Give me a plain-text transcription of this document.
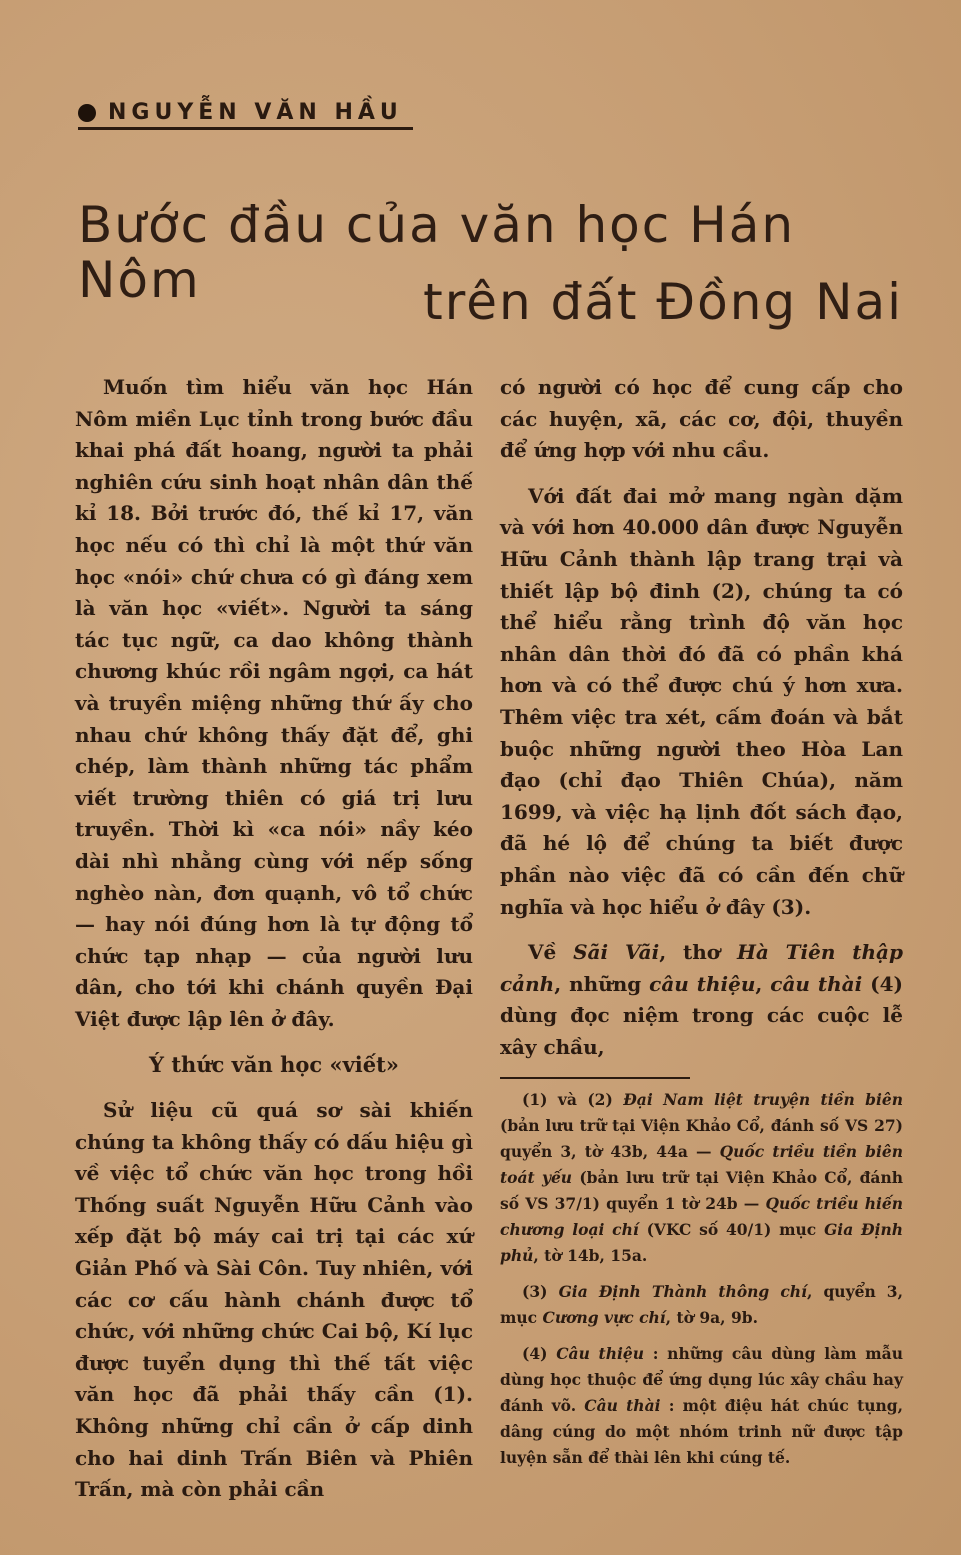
NGUYỄN VĂN HẦU
Bước đầu của văn học Hán Nôm	trên đất Đồng Nai

Muốn tìm hiểu văn học Hán Nôm miền Lục tỉnh trong bước đầu khai phá đất hoang, người ta phải nghiên cứu sinh hoạt nhân dân thế kỉ 18. Bởi trước đó, thế kỉ 17, văn học nếu có thì chỉ là một thứ văn học «nói» chứ chưa có gì đáng xem là văn học «viết». Người ta sáng tác tục ngữ, ca dao không thành chương khúc rồi ngâm ngợi, ca hát và truyền miệng những thứ ấy cho nhau chứ không thấy đặt để, ghi chép, làm thành những tác phẩm viết trường thiên có giá trị lưu truyền. Thời kì «ca nói» nầy kéo dài nhì nhằng cùng với nếp sống nghèo nàn, đơn quạnh, vô tổ chức — hay nói đúng hơn là tự động tổ chức tạp nhạp — của người lưu dân, cho tới khi chánh quyền Đại Việt được lập lên ở đây.

Ý thức văn học «viết»

Sử liệu cũ quá sơ sài khiến chúng ta không thấy có dấu hiệu gì về việc tổ chức văn học trong hồi Thống suất Nguyễn Hữu Cảnh vào xếp đặt bộ máy cai trị tại các xứ Giản Phố và Sài Côn. Tuy nhiên, với các cơ cấu hành chánh được tổ chức, với những chức Cai bộ, Kí lục được tuyển dụng thì thế tất việc văn học đã phải thấy cần (1). Không những chỉ cần ở cấp dinh cho hai dinh Trấn Biên và Phiên Trấn, mà còn phải cần

có người có học để cung cấp cho các huyện, xã, các cơ, đội, thuyền để ứng hợp với nhu cầu.

Với đất đai mở mang ngàn dặm và với hơn 40.000 dân được Nguyễn Hữu Cảnh thành lập trang trại và thiết lập bộ đinh (2), chúng ta có thể hiểu rằng trình độ văn học nhân dân thời đó đã có phần khá hơn và có thể được chú ý hơn xưa. Thêm việc tra xét, cấm đoán và bắt buộc những người theo Hòa Lan đạo (chỉ đạo Thiên Chúa), năm 1699, và việc hạ lịnh đốt sách đạo, đã hé lộ để chúng ta biết được phần nào việc đã có cần đến chữ nghĩa và học hiểu ở đây (3).

Về Sãi Vãi, thơ Hà Tiên thập cảnh, những câu thiệu, câu thài (4) dùng đọc niệm trong các cuộc lễ xây chầu,

(1) và (2) Đại Nam liệt truyện tiền biên (bản lưu trữ tại Viện Khảo Cổ, đánh số VS 27) quyển 3, tờ 43b, 44a — Quốc triều tiền biên toát yếu (bản lưu trữ tại Viện Khảo Cổ, đánh số VS 37/1) quyển 1 tờ 24b — Quốc triều hiến chương loại chí (VKC số 40/1) mục Gia Định phủ, tờ 14b, 15a.

(3) Gia Định Thành thông chí, quyển 3, mục Cương vực chí, tờ 9a, 9b.

(4) Câu thiệu : những câu dùng làm mẫu dùng học thuộc để ứng dụng lúc xây chầu hay đánh võ. Câu thài : một điệu hát chúc tụng, dâng cúng do một nhóm trinh nữ được tập luyện sẵn để thài lên khi cúng tế.
